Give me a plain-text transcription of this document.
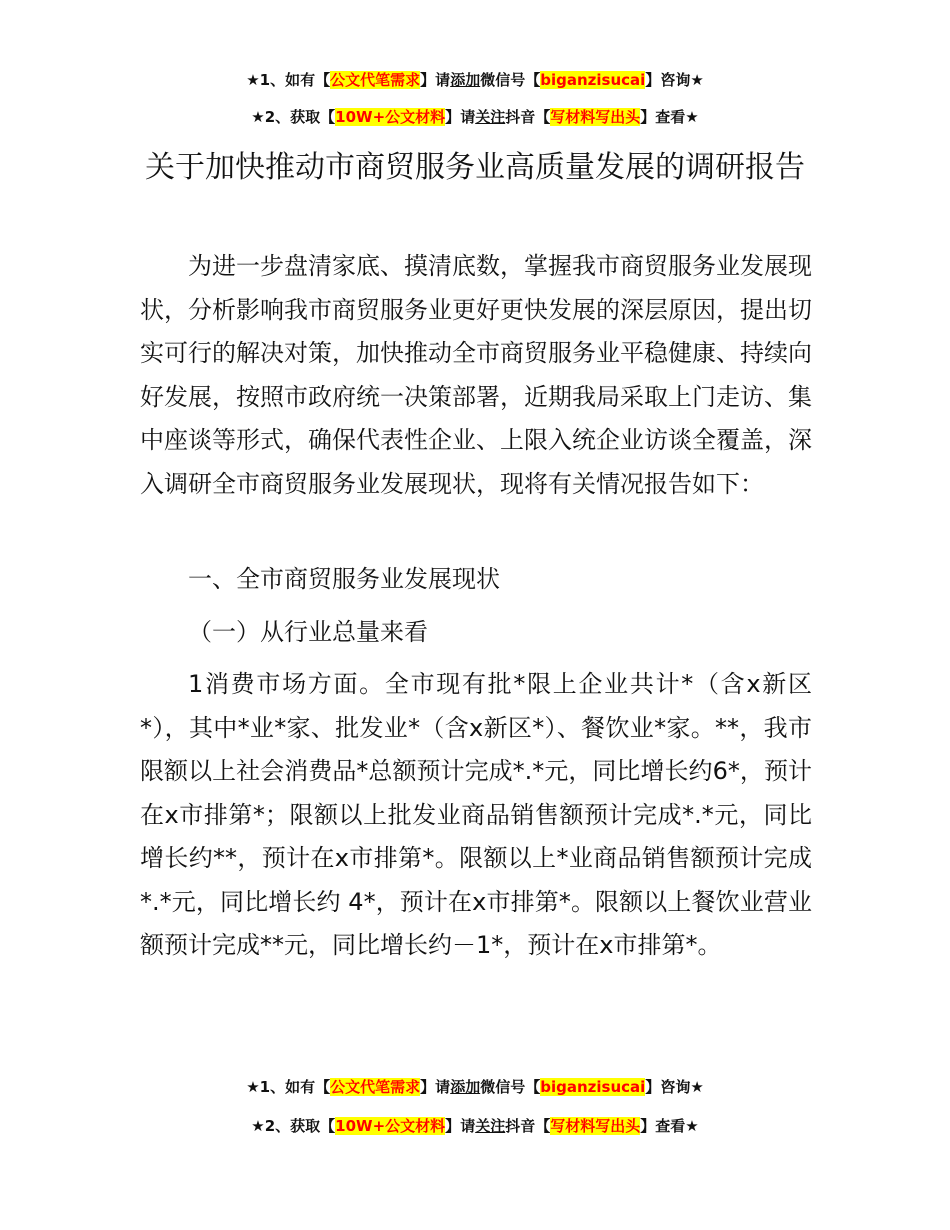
★1、如有【公文代笔需求】请添加微信号【biganzisucai】咨询★
★2、获取【10W+公文材料】请关注抖音【写材料写出头】查看★
关于加快推动市商贸服务业高质量发展的调研报告

为进一步盘清家底、摸清底数，掌握我市商贸服务业发展现状，分析影响我市商贸服务业更好更快发展的深层原因，提出切实可行的解决对策，加快推动全市商贸服务业平稳健康、持续向好发展，按照市政府统一决策部署，近期我局采取上门走访、集中座谈等形式，确保代表性企业、上限入统企业访谈全覆盖，深入调研全市商贸服务业发展现状，现将有关情况报告如下：

一、全市商贸服务业发展现状

（一）从行业总量来看

1消费市场方面。全市现有批*限上企业共计*（含x新区*），其中*业*家、批发业*（含x新区*）、餐饮业*家。**，我市限额以上社会消费品*总额预计完成*.*元，同比增长约6*，预计在x市排第*；限额以上批发业商品销售额预计完成*.*元，同比增长约**，预计在x市排第*。限额以上*业商品销售额预计完成*.*元，同比增长约 4*，预计在x市排第*。限额以上餐饮业营业额预计完成**元，同比增长约－1*，预计在x市排第*。

★1、如有【公文代笔需求】请添加微信号【biganzisucai】咨询★
★2、获取【10W+公文材料】请关注抖音【写材料写出头】查看★
